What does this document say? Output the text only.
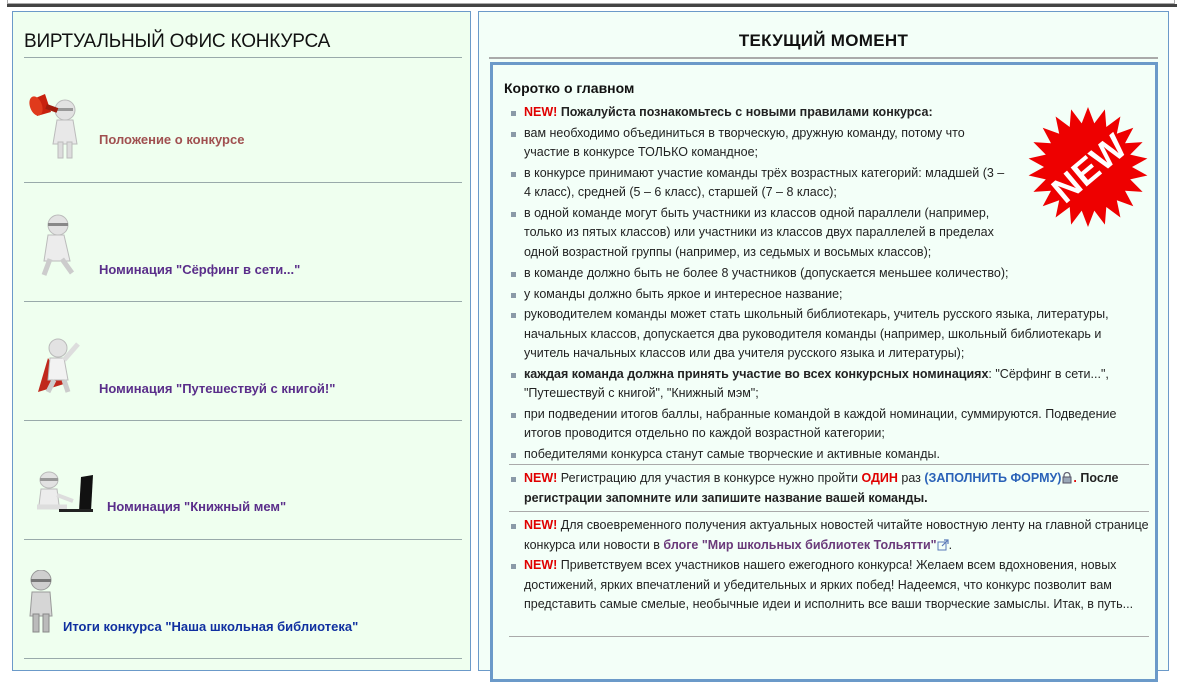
ВИРТУАЛЬНЫЙ ОФИС КОНКУРСА
Положение о конкурсе
Номинация "Сёрфинг в сети..."
Номинация "Путешествуй с книгой!"
Номинация "Книжный мем"
Итоги конкурса "Наша школьная библиотека"
ТЕКУЩИЙ МОМЕНТ
Коротко о главном
NEW
NEW! Пожалуйста познакомьтесь с новыми правилами конкурса:
вам необходимо объединиться в творческую, дружную команду, потому что участие в конкурсе ТОЛЬКО командное;
в конкурсе принимают участие команды трёх возрастных категорий: младшей (3 – 4 класс), средней (5 – 6 класс), старшей (7 – 8 класс);
в одной команде могут быть участники из классов одной параллели (например, только из пятых классов) или участники из классов двух параллелей в пределах одной возрастной группы (например, из седьмых и восьмых классов);
в команде должно быть не более 8 участников (допускается меньшее количество);
у команды должно быть яркое и интересное название;
руководителем команды может стать школьный библиотекарь, учитель русского языка, литературы, начальных классов, допускается два руководителя команды (например, школьный библиотекарь и учитель начальных классов или два учителя русского языка и литературы);
каждая команда должна принять участие во всех конкурсных номинациях: "Сёрфинг в сети...", "Путешествуй с книгой", "Книжный мэм";
при подведении итогов баллы, набранные командой в каждой номинации, суммируются. Подведение итогов проводится отдельно по каждой возрастной категории;
победителями конкурса станут самые творческие и активные команды.
NEW! Регистрацию для участия в конкурсе нужно пройти ОДИН раз (ЗАПОЛНИТЬ ФОРМУ) . После регистрации запомните или запишите название вашей команды.
NEW! Для своевременного получения актуальных новостей читайте новостную ленту на главной странице конкурса или новости в блоге "Мир школьных библиотек Тольятти" .
NEW! Приветствуем всех участников нашего ежегодного конкурса! Желаем всем вдохновения, новых достижений, ярких впечатлений и убедительных и ярких побед! Надеемся, что конкурс позволит вам представить самые смелые, необычные идеи и исполнить все ваши творческие замыслы. Итак, в путь...
